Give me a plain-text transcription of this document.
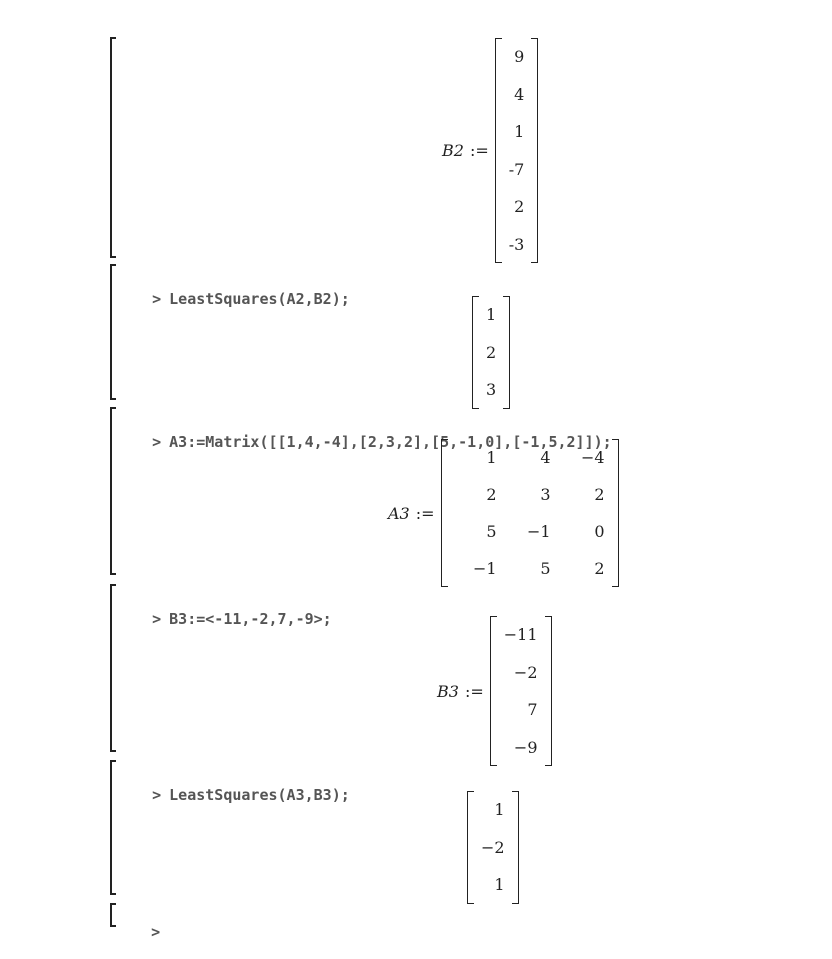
B2 :=
9
4
1
-7
2
-3

> LeastSquares(A2,B2);

1
2
3

> A3:=Matrix([[1,4,-4],[2,3,2],[5,-1,0],[-1,5,2]]);

A3 :=
1	4	−4
2	3	2
5	−1	0
−1	5	2

> B3:=<-11,-2,7,-9>;

B3 :=
−11
−2
7
−9

> LeastSquares(A3,B3);

1
−2
1

>
